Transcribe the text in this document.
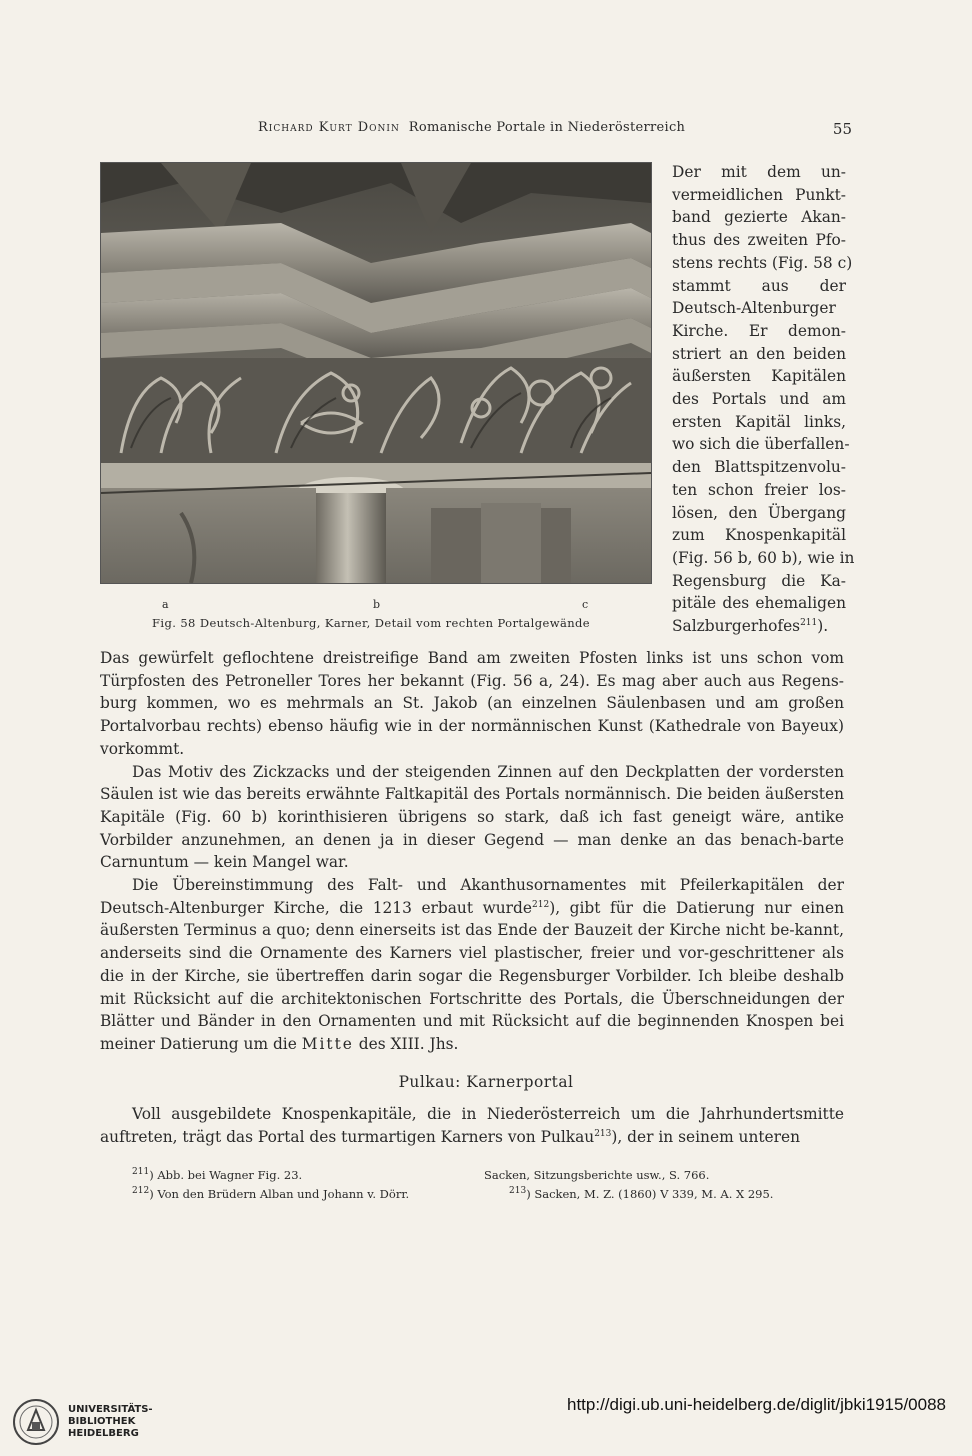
Richard Kurt Donin Romanische Portale in Niederösterreich	55
a	b	c
Fig. 58 Deutsch-Altenburg, Karner, Detail vom rechten Portalgewände
Der mit dem un-
vermeidlichen Punkt-
band gezierte Akan-
thus des zweiten Pfo-
stens rechts (Fig. 58 c)
stammt aus der
Deutsch-Altenburger
Kirche. Er demon-
striert an den beiden
äußersten Kapitälen
des Portals und am
ersten Kapitäl links,
wo sich die überfallen-
den Blattspitzenvolu-
ten schon freier los-
lösen, den Übergang
zum Knospenkapitäl
(Fig. 56 b, 60 b), wie in
Regensburg die Ka-
pitäle des ehemaligen
Salzburgerhofes$^{211}$).

Das gewürfelt geflochtene dreistreifige Band am zweiten Pfosten links ist uns schon vom Türpfosten des Petroneller Tores her bekannt (Fig. 56 a, 24). Es mag aber auch aus Regens-burg kommen, wo es mehrmals an St. Jakob (an einzelnen Säulenbasen und am großen Portalvorbau rechts) ebenso häufig wie in der normännischen Kunst (Kathedrale von Bayeux) vorkommt.

Das Motiv des Zickzacks und der steigenden Zinnen auf den Deckplatten der vordersten Säulen ist wie das bereits erwähnte Faltkapitäl des Portals normännisch. Die beiden äußersten Kapitäle (Fig. 60 b) korinthisieren übrigens so stark, daß ich fast geneigt wäre, antike Vorbilder anzunehmen, an denen ja in dieser Gegend — man denke an das benach-barte Carnuntum — kein Mangel war.

Die Übereinstimmung des Falt- und Akanthusornamentes mit Pfeilerkapitälen der Deutsch-Altenburger Kirche, die 1213 erbaut wurde$^{212}$), gibt für die Datierung nur einen äußersten Terminus a quo; denn einerseits ist das Ende der Bauzeit der Kirche nicht be-kannt, anderseits sind die Ornamente des Karners viel plastischer, freier und vor-geschrittener als die in der Kirche, sie übertreffen darin sogar die Regensburger Vorbilder. Ich bleibe deshalb mit Rücksicht auf die architektonischen Fortschritte des Portals, die Überschneidungen der Blätter und Bänder in den Ornamenten und mit Rücksicht auf die beginnenden Knospen bei meiner Datierung um die Mitte des XIII. Jhs.

Pulkau: Karnerportal

Voll ausgebildete Knospenkapitäle, die in Niederösterreich um die Jahrhundertsmitte auftreten, trägt das Portal des turmartigen Karners von Pulkau$^{213}$), der in seinem unteren

$^{211}$) Abb. bei Wagner Fig. 23.	Sacken, Sitzungsberichte usw., S. 766.
$^{212}$) Von den Brüdern Alban und Johann v. Dörr.	$^{213}$) Sacken, M. Z. (1860) V 339, M. A. X 295.
UNIVERSITÄTS-
BIBLIOTHEK
HEIDELBERG
http://digi.ub.uni-heidelberg.de/diglit/jbki1915/0088
